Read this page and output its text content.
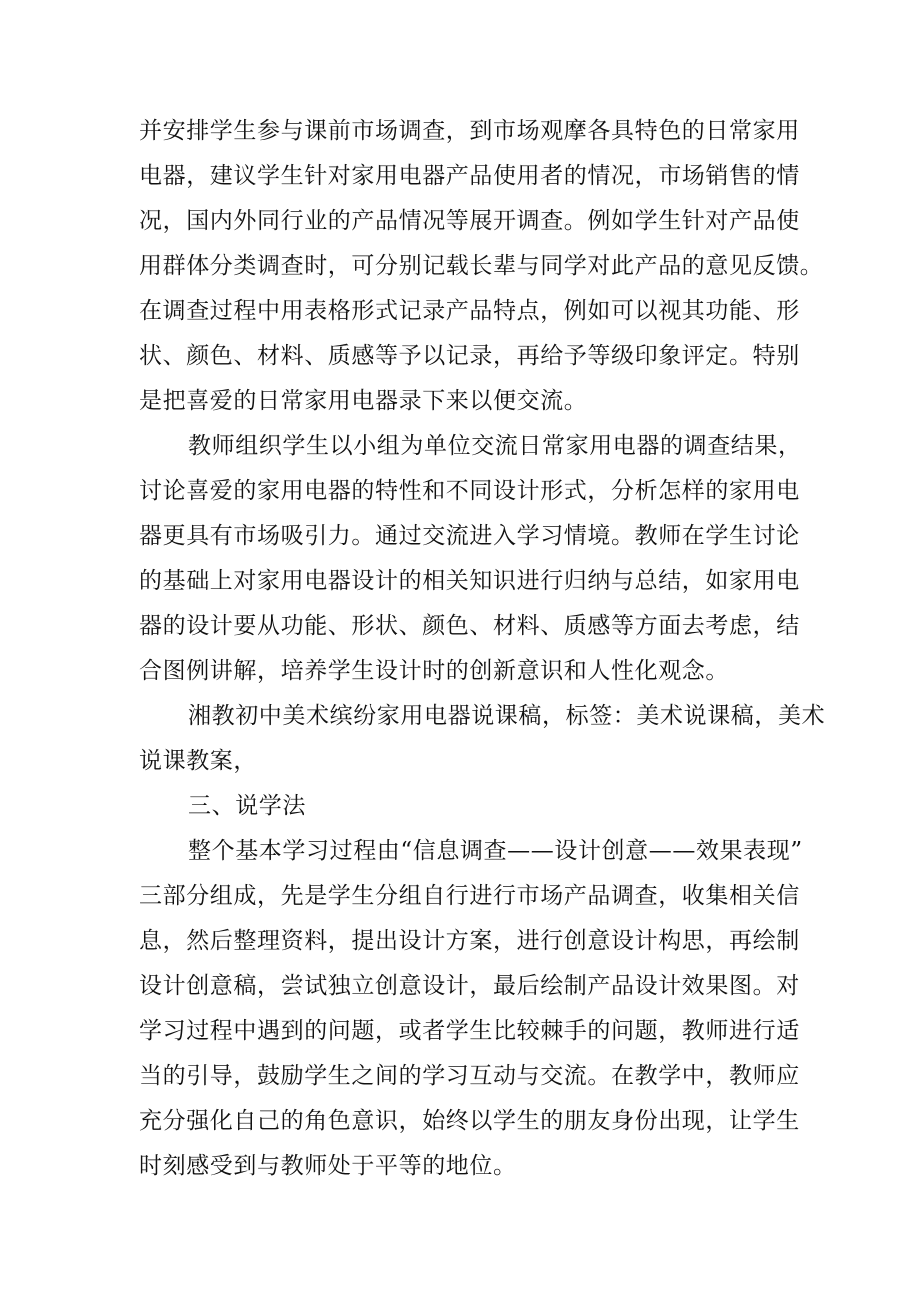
并安排学生参与课前市场调查，到市场观摩各具特色的日常家用
电器，建议学生针对家用电器产品使用者的情况，市场销售的情
况，国内外同行业的产品情况等展开调查。例如学生针对产品使
用群体分类调查时，可分别记载长辈与同学对此产品的意见反馈。
在调查过程中用表格形式记录产品特点，例如可以视其功能、形
状、颜色、材料、质感等予以记录，再给予等级印象评定。特别
是把喜爱的日常家用电器录下来以便交流。
教师组织学生以小组为单位交流日常家用电器的调查结果，
讨论喜爱的家用电器的特性和不同设计形式，分析怎样的家用电
器更具有市场吸引力。通过交流进入学习情境。教师在学生讨论
的基础上对家用电器设计的相关知识进行归纳与总结，如家用电
器的设计要从功能、形状、颜色、材料、质感等方面去考虑，结
合图例讲解，培养学生设计时的创新意识和人性化观念。
湘教初中美术缤纷家用电器说课稿，标签：美术说课稿，美术
说课教案，
三、说学法
整个基本学习过程由“信息调查——设计创意——效果表现”
三部分组成，先是学生分组自行进行市场产品调查，收集相关信
息，然后整理资料，提出设计方案，进行创意设计构思，再绘制
设计创意稿，尝试独立创意设计，最后绘制产品设计效果图。对
学习过程中遇到的问题，或者学生比较棘手的问题，教师进行适
当的引导，鼓励学生之间的学习互动与交流。在教学中，教师应
充分强化自己的角色意识，始终以学生的朋友身份出现，让学生
时刻感受到与教师处于平等的地位。
